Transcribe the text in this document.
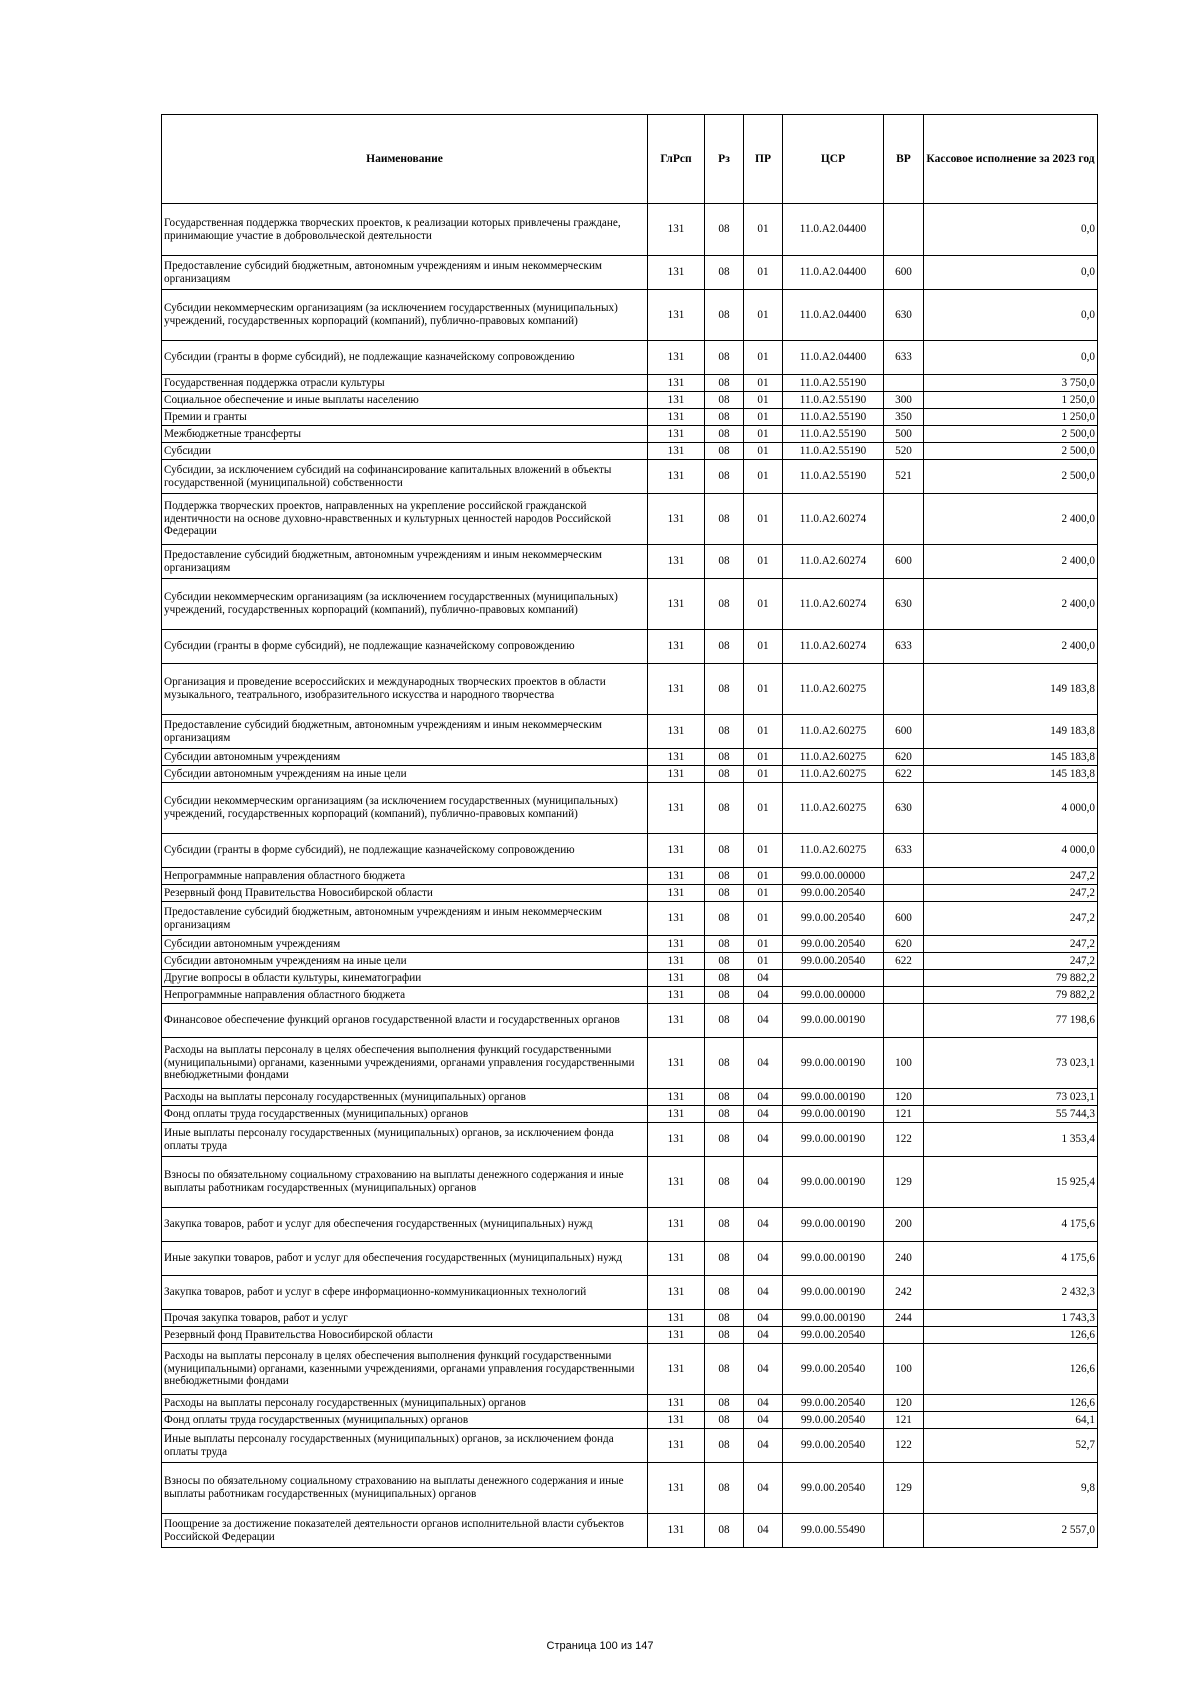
Наименование	ГлРсп	Рз	ПР	ЦСР	ВР	Кассовое исполнение за 2023 год
Государственная поддержка творческих проектов, к реализации которых привлечены граждане, принимающие участие в добровольческой деятельности	131	08	01	11.0.А2.04400		0,0
Предоставление субсидий бюджетным, автономным учреждениям и иным некоммерческим организациям	131	08	01	11.0.А2.04400	600	0,0
Субсидии некоммерческим организациям (за исключением государственных (муниципальных) учреждений, государственных корпораций (компаний), публично-правовых компаний)	131	08	01	11.0.А2.04400	630	0,0
Субсидии (гранты в форме субсидий), не подлежащие казначейскому сопровождению	131	08	01	11.0.А2.04400	633	0,0
Государственная поддержка отрасли культуры	131	08	01	11.0.А2.55190		3 750,0
Социальное обеспечение и иные выплаты населению	131	08	01	11.0.А2.55190	300	1 250,0
Премии и гранты	131	08	01	11.0.А2.55190	350	1 250,0
Межбюджетные трансферты	131	08	01	11.0.А2.55190	500	2 500,0
Субсидии	131	08	01	11.0.А2.55190	520	2 500,0
Субсидии, за исключением субсидий на софинансирование капитальных вложений в объекты государственной (муниципальной) собственности	131	08	01	11.0.А2.55190	521	2 500,0
Поддержка творческих проектов, направленных на укрепление российской гражданской идентичности на основе духовно-нравственных и культурных ценностей народов Российской Федерации	131	08	01	11.0.А2.60274		2 400,0
Предоставление субсидий бюджетным, автономным учреждениям и иным некоммерческим организациям	131	08	01	11.0.А2.60274	600	2 400,0
Субсидии некоммерческим организациям (за исключением государственных (муниципальных) учреждений, государственных корпораций (компаний), публично-правовых компаний)	131	08	01	11.0.А2.60274	630	2 400,0
Субсидии (гранты в форме субсидий), не подлежащие казначейскому сопровождению	131	08	01	11.0.А2.60274	633	2 400,0
Организация и проведение всероссийских и международных творческих проектов в области музыкального, театрального, изобразительного искусства и народного творчества	131	08	01	11.0.А2.60275		149 183,8
Предоставление субсидий бюджетным, автономным учреждениям и иным некоммерческим организациям	131	08	01	11.0.А2.60275	600	149 183,8
Субсидии автономным учреждениям	131	08	01	11.0.А2.60275	620	145 183,8
Субсидии автономным учреждениям на иные цели	131	08	01	11.0.А2.60275	622	145 183,8
Субсидии некоммерческим организациям (за исключением государственных (муниципальных) учреждений, государственных корпораций (компаний), публично-правовых компаний)	131	08	01	11.0.А2.60275	630	4 000,0
Субсидии (гранты в форме субсидий), не подлежащие казначейскому сопровождению	131	08	01	11.0.А2.60275	633	4 000,0
Непрограммные направления областного бюджета	131	08	01	99.0.00.00000		247,2
Резервный фонд Правительства Новосибирской области	131	08	01	99.0.00.20540		247,2
Предоставление субсидий бюджетным, автономным учреждениям и иным некоммерческим организациям	131	08	01	99.0.00.20540	600	247,2
Субсидии автономным учреждениям	131	08	01	99.0.00.20540	620	247,2
Субсидии автономным учреждениям на иные цели	131	08	01	99.0.00.20540	622	247,2
Другие вопросы в области культуры, кинематографии	131	08	04			79 882,2
Непрограммные направления областного бюджета	131	08	04	99.0.00.00000		79 882,2
Финансовое обеспечение функций органов государственной власти и государственных органов	131	08	04	99.0.00.00190		77 198,6
Расходы на выплаты персоналу в целях обеспечения выполнения функций государственными (муниципальными) органами, казенными учреждениями, органами управления государственными внебюджетными фондами	131	08	04	99.0.00.00190	100	73 023,1
Расходы на выплаты персоналу государственных (муниципальных) органов	131	08	04	99.0.00.00190	120	73 023,1
Фонд оплаты труда государственных (муниципальных) органов	131	08	04	99.0.00.00190	121	55 744,3
Иные выплаты персоналу государственных (муниципальных) органов, за исключением фонда оплаты труда	131	08	04	99.0.00.00190	122	1 353,4
Взносы по обязательному социальному страхованию на выплаты денежного содержания и иные выплаты работникам государственных (муниципальных) органов	131	08	04	99.0.00.00190	129	15 925,4
Закупка товаров, работ и услуг для обеспечения государственных (муниципальных) нужд	131	08	04	99.0.00.00190	200	4 175,6
Иные закупки товаров, работ и услуг для обеспечения государственных (муниципальных) нужд	131	08	04	99.0.00.00190	240	4 175,6
Закупка товаров, работ и услуг в сфере информационно-коммуникационных технологий	131	08	04	99.0.00.00190	242	2 432,3
Прочая закупка товаров, работ и услуг	131	08	04	99.0.00.00190	244	1 743,3
Резервный фонд Правительства Новосибирской области	131	08	04	99.0.00.20540		126,6
Расходы на выплаты персоналу в целях обеспечения выполнения функций государственными (муниципальными) органами, казенными учреждениями, органами управления государственными внебюджетными фондами	131	08	04	99.0.00.20540	100	126,6
Расходы на выплаты персоналу государственных (муниципальных) органов	131	08	04	99.0.00.20540	120	126,6
Фонд оплаты труда государственных (муниципальных) органов	131	08	04	99.0.00.20540	121	64,1
Иные выплаты персоналу государственных (муниципальных) органов, за исключением фонда оплаты труда	131	08	04	99.0.00.20540	122	52,7
Взносы по обязательному социальному страхованию на выплаты денежного содержания и иные выплаты работникам государственных (муниципальных) органов	131	08	04	99.0.00.20540	129	9,8
Поощрение за достижение показателей деятельности органов исполнительной власти субъектов Российской Федерации	131	08	04	99.0.00.55490		2 557,0
Страница 100 из 147
